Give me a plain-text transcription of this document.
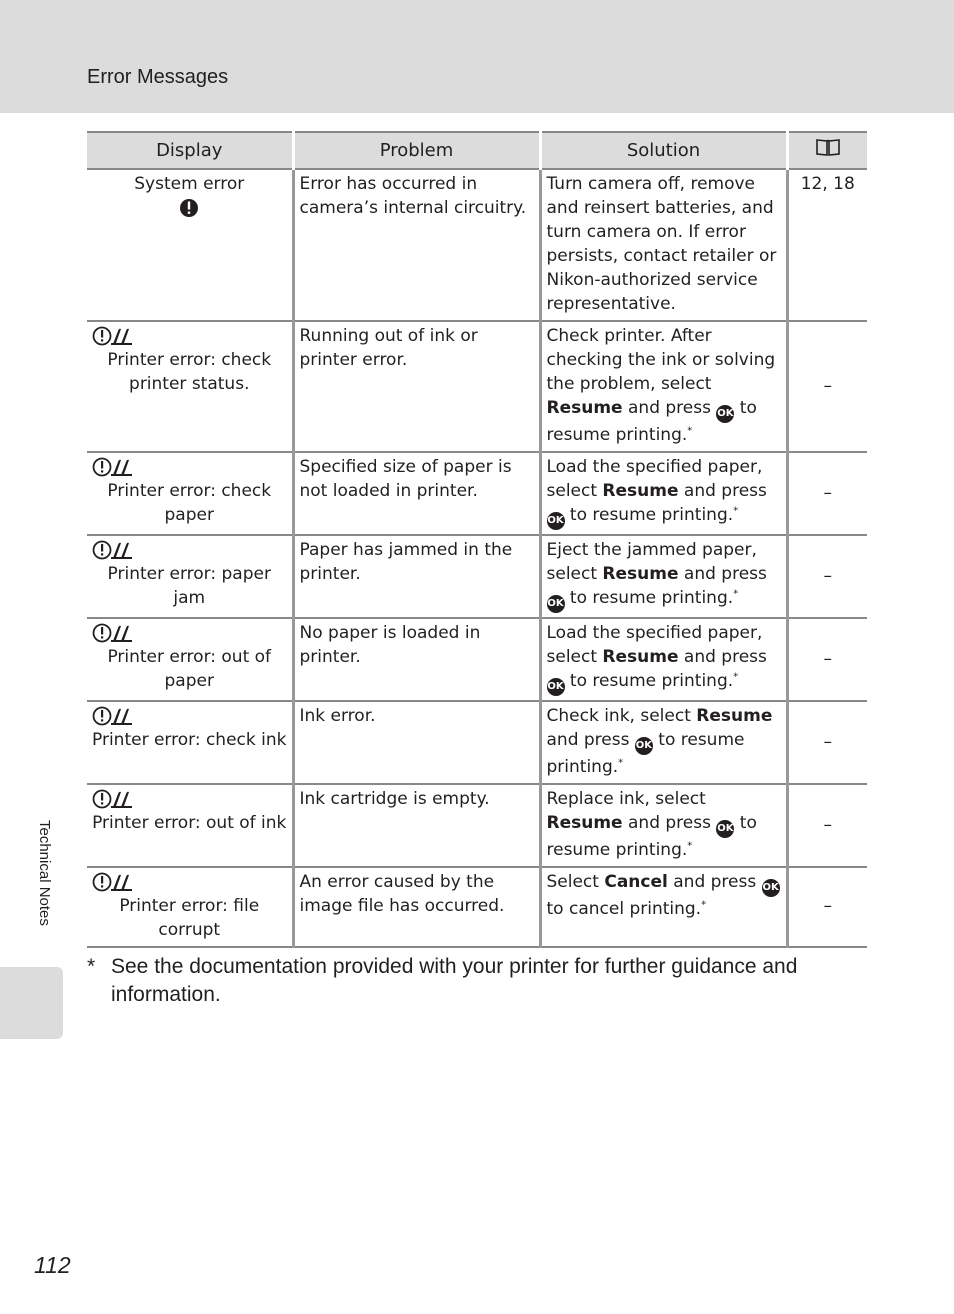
Error Messages
Technical Notes
Display	Problem	Solution	

System error	Error has occurred in camera’s internal circuitry.	Turn camera off, remove and reinsert batteries, and turn camera on. If error persists, contact retailer or Nikon-authorized service representative.	12, 18

Printer error: check printer status.	Running out of ink or printer error.	Check printer. After checking the ink or solving the problem, select Resume and press OK to resume printing.*	–

Printer error: check paper	Specified size of paper is not loaded in printer.	Load the specified paper, select Resume and press OK to resume printing.*	–

Printer error: paper jam	Paper has jammed in the printer.	Eject the jammed paper, select Resume and press OK to resume printing.*	–

Printer error: out of paper	No paper is loaded in printer.	Load the specified paper, select Resume and press OK to resume printing.*	–

Printer error: check ink	Ink error.	Check ink, select Resume and press OK to resume printing.*	–

Printer error: out of ink	Ink cartridge is empty.	Replace ink, select Resume and press OK to resume printing.*	–

Printer error: file corrupt	An error caused by the image file has occurred.	Select Cancel and press OK to cancel printing.*	–
* See the documentation provided with your printer for further guidance and information.
112
